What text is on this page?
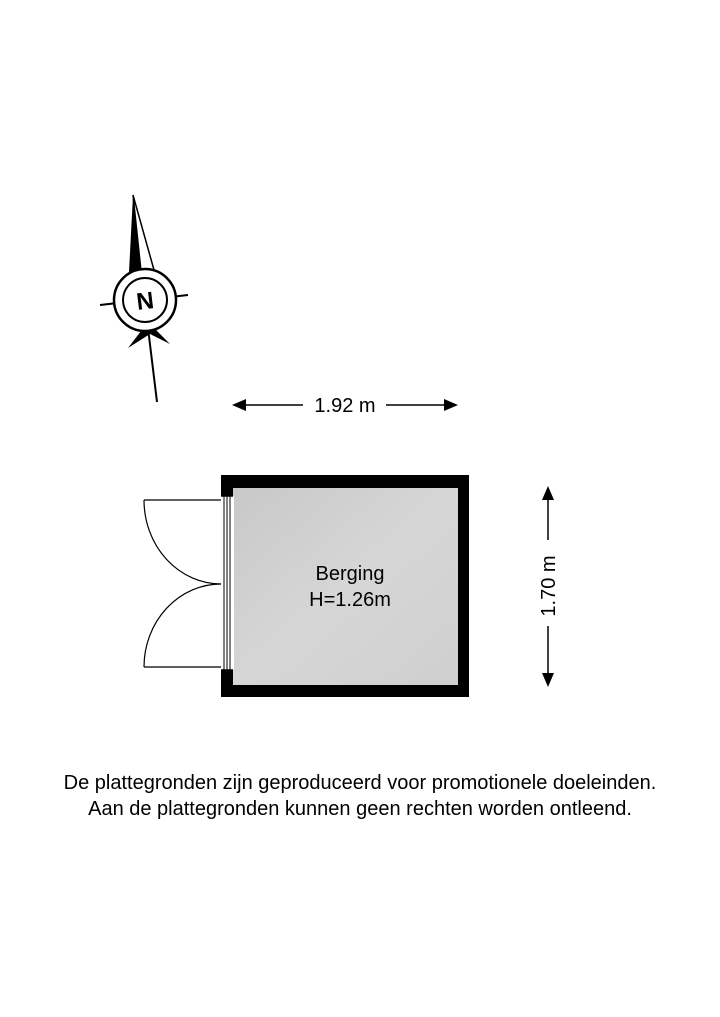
N
1.92 m
1.70 m
Berging
H=1.26m
De plattegronden zijn geproduceerd voor promotionele doeleinden.
Aan de plattegronden kunnen geen rechten worden ontleend.
